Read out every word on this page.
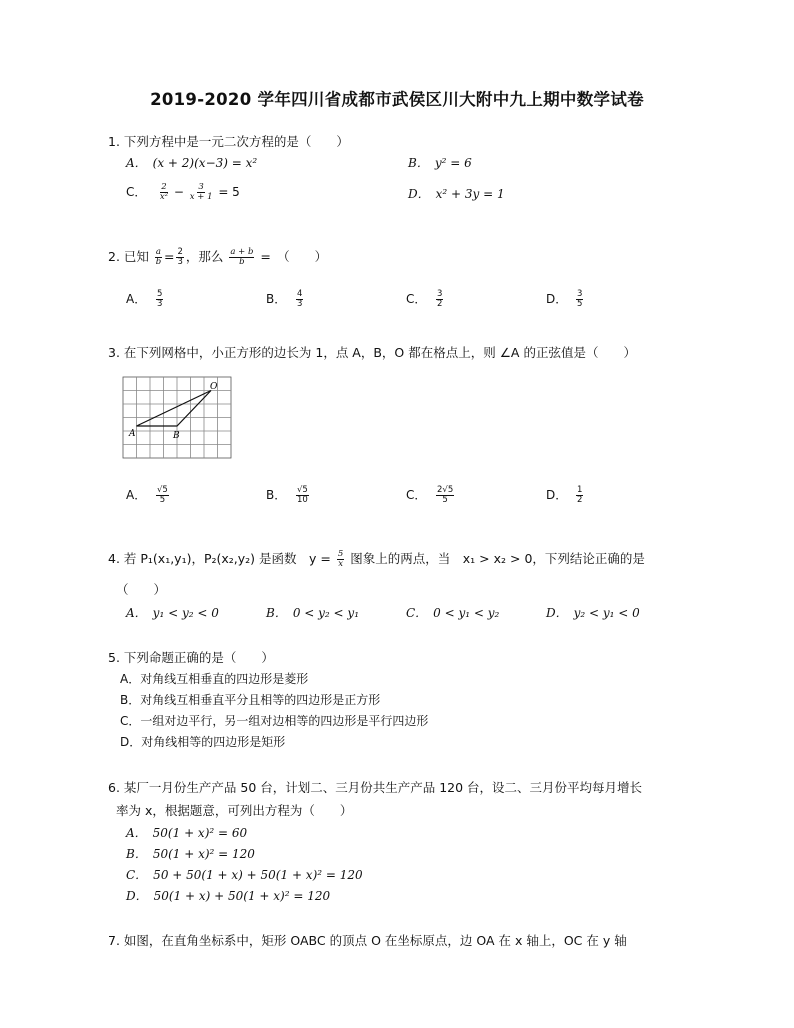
2019-2020 学年四川省成都市武侯区川大附中九上期中数学试卷
1. 下列方程中是一元二次方程的是（　　）
A．　(x + 2)(x−3) = x²	B．　y² = 6
C． $\frac{2}{\text{x²}} - \frac{3}{x + 1} = 5$	D．　x² + 3y = 1
2. 已知 $\frac{a}{b} = \frac{2}{3}$ ，那么 $\frac{a + b}{b}$ =　（　　）
A． $\frac{5}{3}$	B． $\frac{4}{3}$	C． $\frac{3}{2}$	D． $\frac{3}{5}$
3. 在下列网格中，小正方形的边长为 1，点 A，B，O 都在格点上，则 ∠A 的正弦值是（　　）
O
A	B
A． $\frac{√5}{5}$	B． $\frac{√5}{10}$	C． $\frac{2√5}{5}$	D． $\frac{1}{2}$
4. 若 P₁(x₁,y₁)，P₂(x₂,y₂) 是函数　$y = \frac{5}{x}$ 图象上的两点，当　x₁ > x₂ > 0，下列结论正确的是
（　　）
A．　y₁ < y₂ < 0	B．　0 < y₂ < y₁	C．　0 < y₁ < y₂	D．　y₂ < y₁ < 0
5. 下列命题正确的是（　　）
A．对角线互相垂直的四边形是菱形
B．对角线互相垂直平分且相等的四边形是正方形
C．一组对边平行，另一组对边相等的四边形是平行四边形
D．对角线相等的四边形是矩形
6. 某厂一月份生产产品 50 台，计划二、三月份共生产产品 120 台，设二、三月份平均每月增长
率为 x，根据题意，可列出方程为（　　）
A．　50(1 + x)² = 60
B．　50(1 + x)² = 120
C．　50 + 50(1 + x) + 50(1 + x)² = 120
D．　50(1 + x) + 50(1 + x)² = 120
7. 如图，在直角坐标系中，矩形 OABC 的顶点 O 在坐标原点，边 OA 在 x 轴上，OC 在 y 轴
